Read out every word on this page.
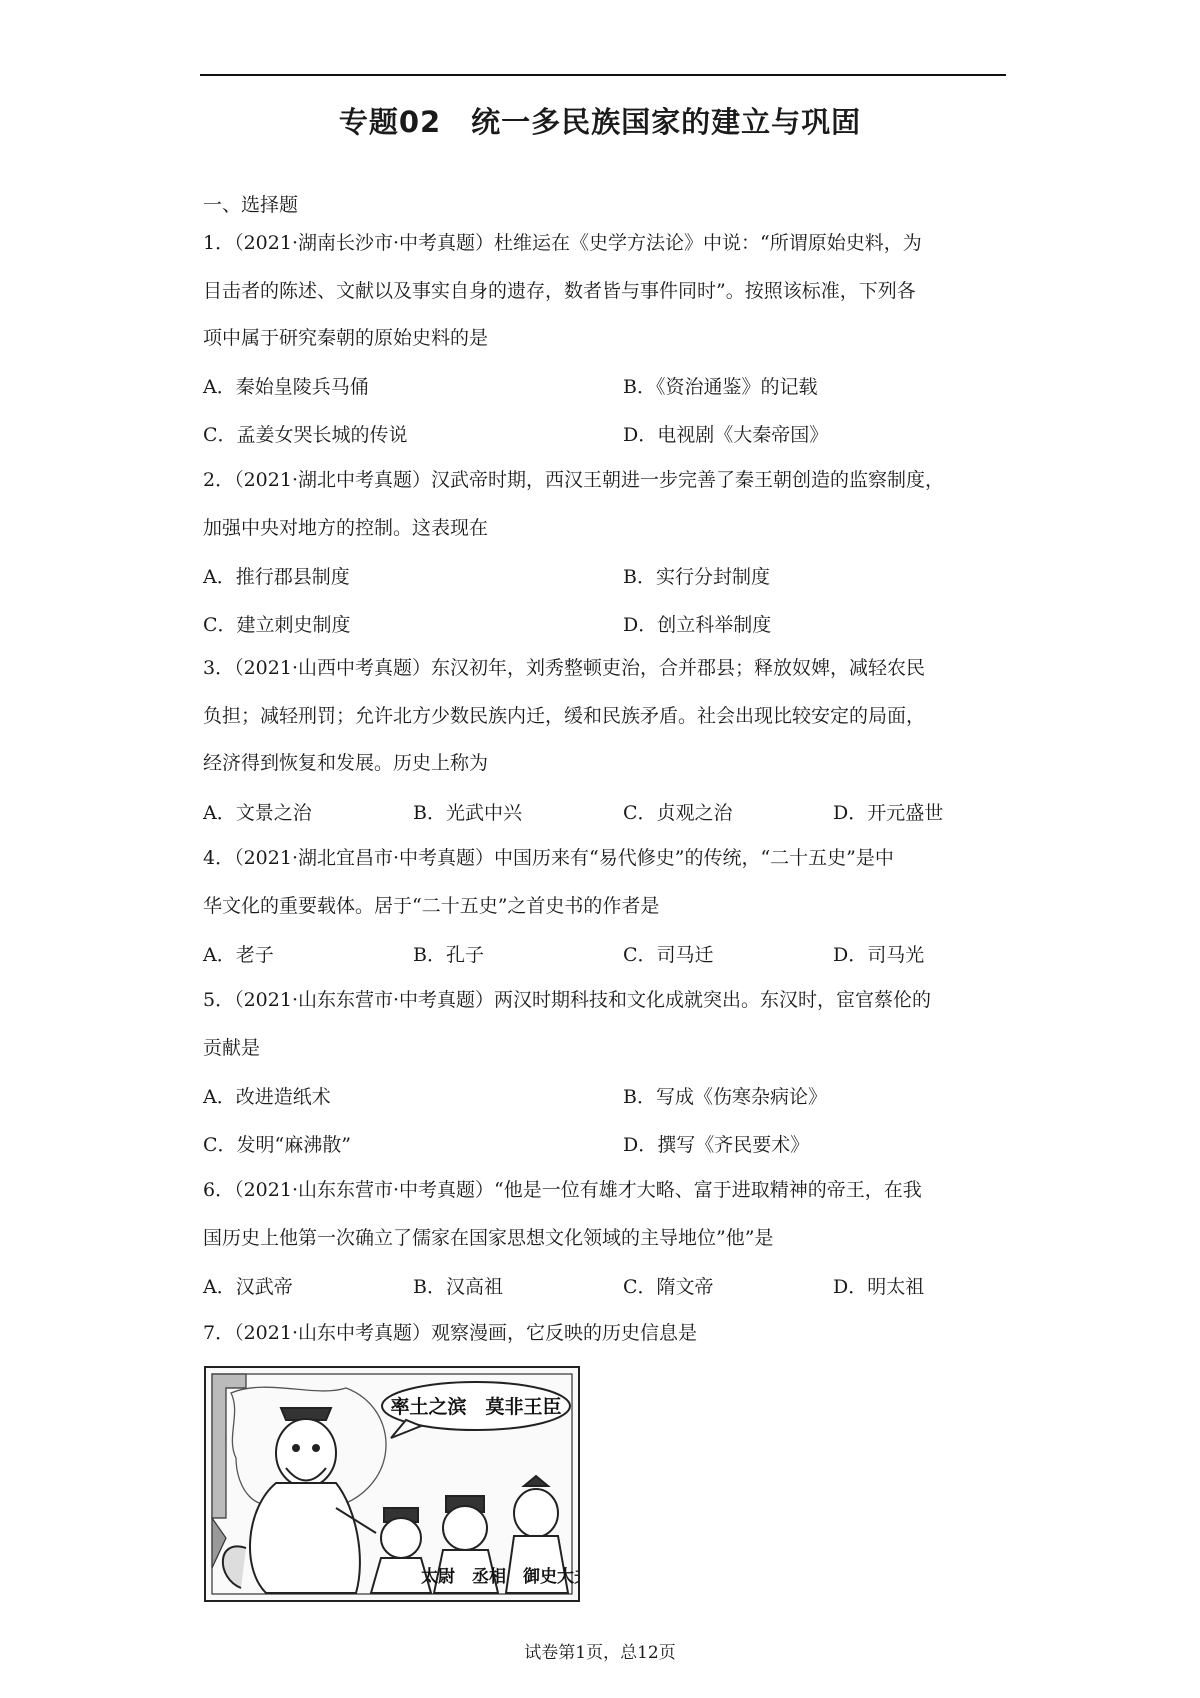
专题02　统一多民族国家的建立与巩固
一、选择题

1．（2021·湖南长沙市·中考真题）杜维运在《史学方法论》中说：“所谓原始史料，为

目击者的陈述、文献以及事实自身的遗存，数者皆与事件同时”。按照该标准，下列各

项中属于研究秦朝的原始史料的是

A．秦始皇陵兵马俑	B．《资治通鉴》的记载
C．孟姜女哭长城的传说	D．电视剧《大秦帝国》

2．（2021·湖北中考真题）汉武帝时期，西汉王朝进一步完善了秦王朝创造的监察制度，

加强中央对地方的控制。这表现在

A．推行郡县制度	B．实行分封制度
C．建立刺史制度	D．创立科举制度

3．（2021·山西中考真题）东汉初年，刘秀整顿吏治，合并郡县；释放奴婢，减轻农民

负担；减轻刑罚；允许北方少数民族内迁，缓和民族矛盾。社会出现比较安定的局面，

经济得到恢复和发展。历史上称为

A．文景之治	B．光武中兴	C．贞观之治	D．开元盛世

4．（2021·湖北宜昌市·中考真题）中国历来有“易代修史”的传统，“二十五史”是中

华文化的重要载体。居于“二十五史”之首史书的作者是

A．老子	B．孔子	C．司马迁	D．司马光

5．（2021·山东东营市·中考真题）两汉时期科技和文化成就突出。东汉时，宦官蔡伦的

贡献是

A．改进造纸术	B．写成《伤寒杂病论》
C．发明“麻沸散”	D．撰写《齐民要术》

6．（2021·山东东营市·中考真题）“他是一位有雄才大略、富于进取精神的帝王，在我

国历史上他第一次确立了儒家在国家思想文化领域的主导地位”他”是

A．汉武帝	B．汉高祖	C．隋文帝	D．明太祖

7．（2021·山东中考真题）观察漫画，它反映的历史信息是

率土之滨　莫非王臣
太尉　丞相　御史大夫
试卷第1页，总12页
